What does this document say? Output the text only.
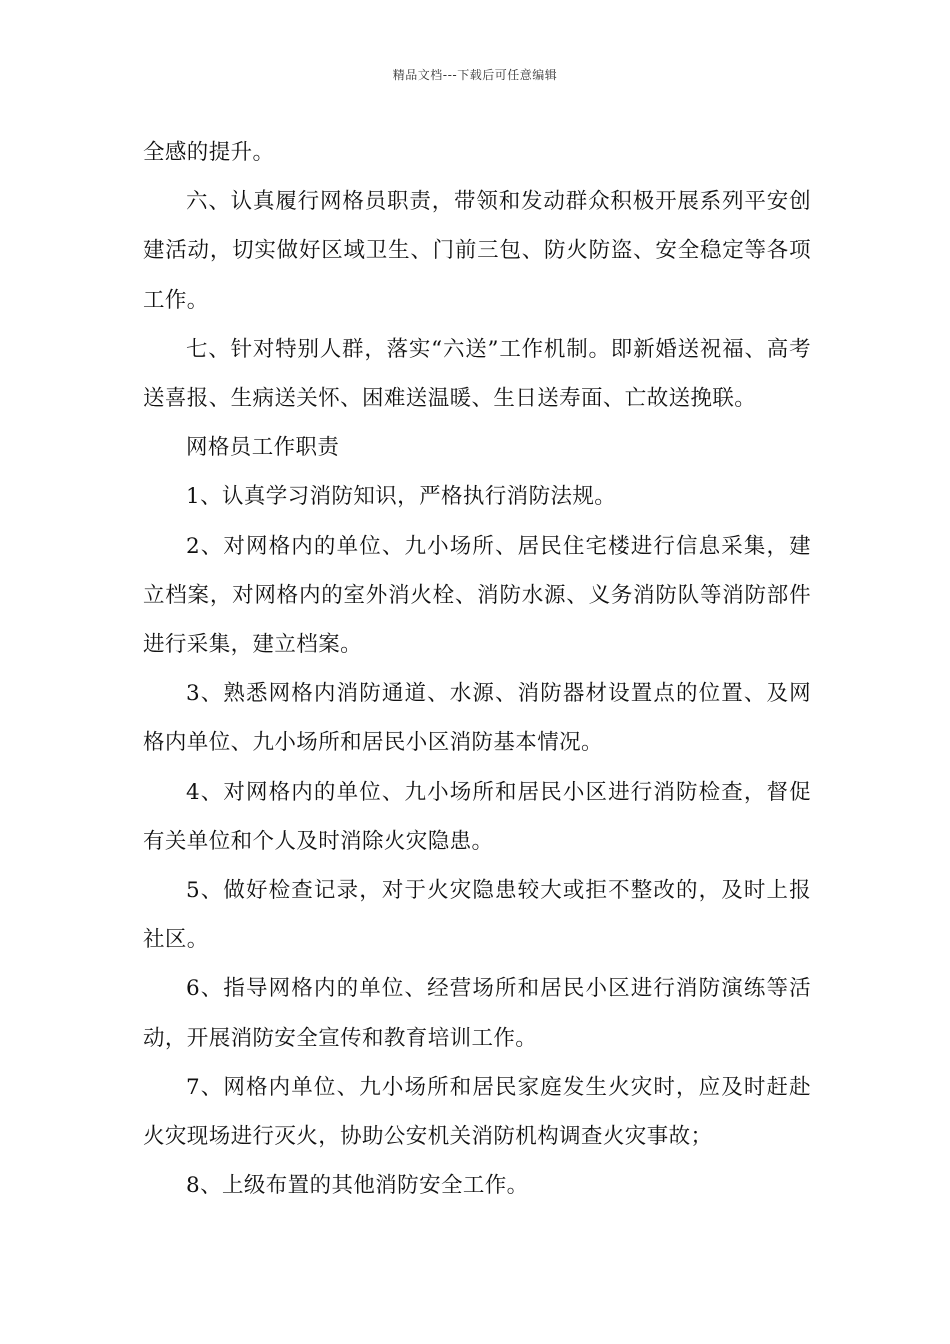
精品文档---下载后可任意编辑

全感的提升。

六、认真履行网格员职责，带领和发动群众积极开展系列平安创建活动，切实做好区域卫生、门前三包、防火防盗、安全稳定等各项工作。

七、针对特别人群，落实“六送”工作机制。即新婚送祝福、高考送喜报、生病送关怀、困难送温暖、生日送寿面、亡故送挽联。

网格员工作职责

1、认真学习消防知识，严格执行消防法规。

2、对网格内的单位、九小场所、居民住宅楼进行信息采集，建立档案，对网格内的室外消火栓、消防水源、义务消防队等消防部件进行采集，建立档案。

3、熟悉网格内消防通道、水源、消防器材设置点的位置、及网格内单位、九小场所和居民小区消防基本情况。

4、对网格内的单位、九小场所和居民小区进行消防检查，督促有关单位和个人及时消除火灾隐患。

5、做好检查记录，对于火灾隐患较大或拒不整改的，及时上报社区。

6、指导网格内的单位、经营场所和居民小区进行消防演练等活动，开展消防安全宣传和教育培训工作。

7、网格内单位、九小场所和居民家庭发生火灾时，应及时赶赴火灾现场进行灭火，协助公安机关消防机构调查火灾事故；

8、上级布置的其他消防安全工作。
